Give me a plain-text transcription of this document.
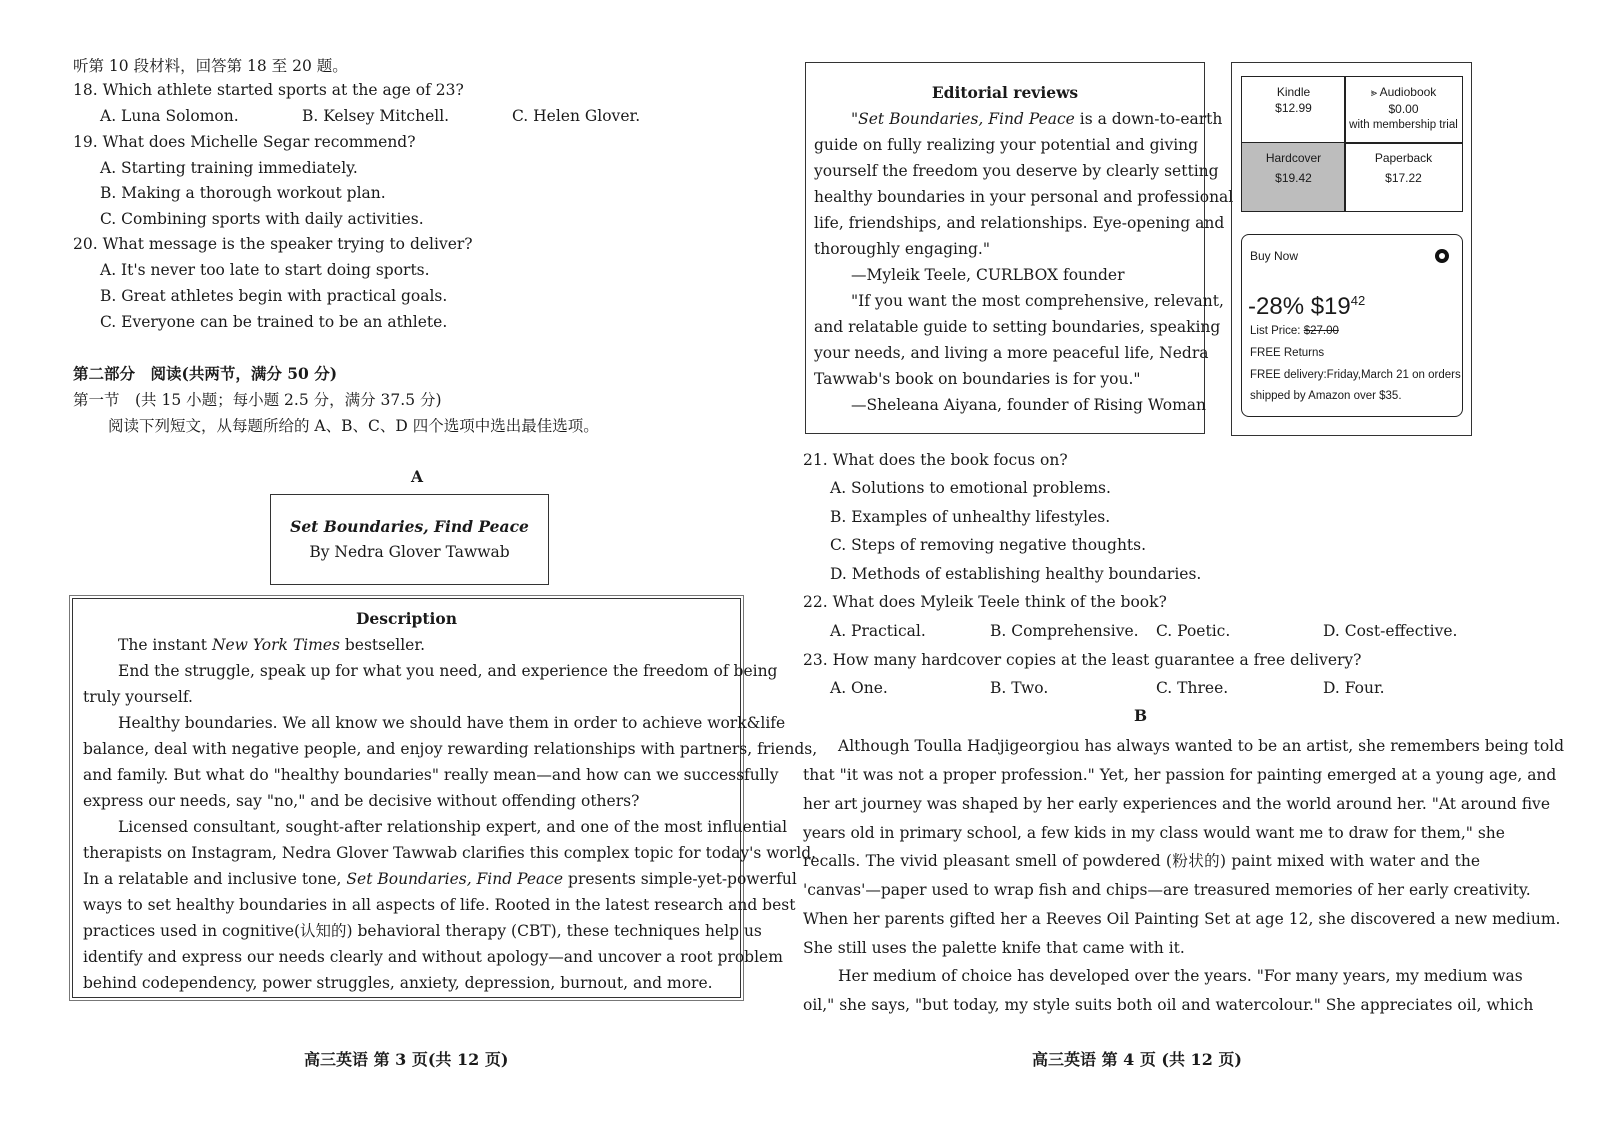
听第 10 段材料，回答第 18 至 20 题。
18. Which athlete started sports at the age of 23?
A. Luna Solomon.	B. Kelsey Mitchell.	C. Helen Glover.
19. What does Michelle Segar recommend?
A. Starting training immediately.
B. Making a thorough workout plan.
C. Combining sports with daily activities.
20. What message is the speaker trying to deliver?
A. It's never too late to start doing sports.
B. Great athletes begin with practical goals.
C. Everyone can be trained to be an athlete.
第二部分　阅读(共两节，满分 50 分)
第一节　(共 15 小题；每小题 2.5 分，满分 37.5 分)
阅读下列短文，从每题所给的 A、B、C、D 四个选项中选出最佳选项。
A
Set Boundaries, Find Peace
By Nedra Glover Tawwab
Description
The instant New York Times bestseller.
End the struggle, speak up for what you need, and experience the freedom of being
truly yourself.
Healthy boundaries. We all know we should have them in order to achieve work&life
balance, deal with negative people, and enjoy rewarding relationships with partners, friends,
and family. But what do "healthy boundaries" really mean—and how can we successfully
express our needs, say "no," and be decisive without offending others?
Licensed consultant, sought-after relationship expert, and one of the most influential
therapists on Instagram, Nedra Glover Tawwab clarifies this complex topic for today's world.
In a relatable and inclusive tone, Set Boundaries, Find Peace presents simple-yet-powerful
ways to set healthy boundaries in all aspects of life. Rooted in the latest research and best
practices used in cognitive(认知的) behavioral therapy (CBT), these techniques help us
identify and express our needs clearly and without apology—and uncover a root problem
behind codependency, power struggles, anxiety, depression, burnout, and more.
高三英语 第 3 页(共 12 页)
Editorial reviews
"Set Boundaries, Find Peace is a down-to-earth
guide on fully realizing your potential and giving
yourself the freedom you deserve by clearly setting
healthy boundaries in your personal and professional
life, friendships, and relationships. Eye-opening and
thoroughly engaging."
—Myleik Teele, CURLBOX founder
"If you want the most comprehensive, relevant,
and relatable guide to setting boundaries, speaking
your needs, and living a more peaceful life, Nedra
Tawwab's book on boundaries is for you."
—Sheleana Aiyana, founder of Rising Woman
Kindle
$12.99
⪢ Audiobook
$0.00
with membership trial
Hardcover
$19.42
Paperback
$17.22
Buy Now
-28% $\$19^{42}$
List Price: $27.00
FREE Returns
FREE delivery:Friday,March 21 on orders
shipped by Amazon over $35.
21. What does the book focus on?
A. Solutions to emotional problems.
B. Examples of unhealthy lifestyles.
C. Steps of removing negative thoughts.
D. Methods of establishing healthy boundaries.
22. What does Myleik Teele think of the book?
A. Practical.	B. Comprehensive. C. Poetic.	D. Cost-effective.
23. How many hardcover copies at the least guarantee a free delivery?
A. One.	B. Two.	C. Three.	D. Four.
B
Although Toulla Hadjigeorgiou has always wanted to be an artist, she remembers being told
that "it was not a proper profession." Yet, her passion for painting emerged at a young age, and
her art journey was shaped by her early experiences and the world around her. "At around five
years old in primary school, a few kids in my class would want me to draw for them," she
recalls. The vivid pleasant smell of powdered (粉状的) paint mixed with water and the
'canvas'—paper used to wrap fish and chips—are treasured memories of her early creativity.
When her parents gifted her a Reeves Oil Painting Set at age 12, she discovered a new medium.
She still uses the palette knife that came with it.
Her medium of choice has developed over the years. "For many years, my medium was
oil," she says, "but today, my style suits both oil and watercolour." She appreciates oil, which
高三英语 第 4 页 (共 12 页)
